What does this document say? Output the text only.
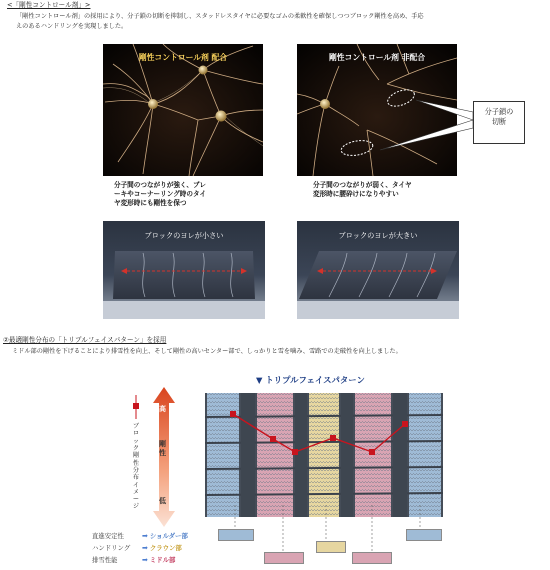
<「剛性コントロール剤」>
「剛性コントロール剤」の採用により、分子鎖の切断を抑制し、スタッドレスタイヤに必要なゴムの柔軟性を確保しつつブロック剛性を高め、手応
えのあるハンドリングを実現しました。
剛性コントロール剤 配合	剛性コントロール剤 非配合
分子鎖の
切断
分子間のつながりが強く、ブレ
ーキやコーナーリング時のタイ
ヤ変形時にも剛性を保つ
分子間のつながりが弱く、タイヤ
変形時に腰砕けになりやすい
ブロックのヨレが小さい	ブロックのヨレが大きい
②最適剛性分布の「トリプルフェイスパターン」を採用
ミドル部の剛性を下げることにより排雪性を向上、そして剛性の高いセンター部で、しっかりと雪を噛み、雪路での走破性を向上しました。
▼ トリプルフェイスパターン
ブロック剛性分布イメージ
高
剛性
低
直進安定性	➡ ショルダー部
ハンドリング ➡ クラウン部
排雪性能	➡ ミドル部
